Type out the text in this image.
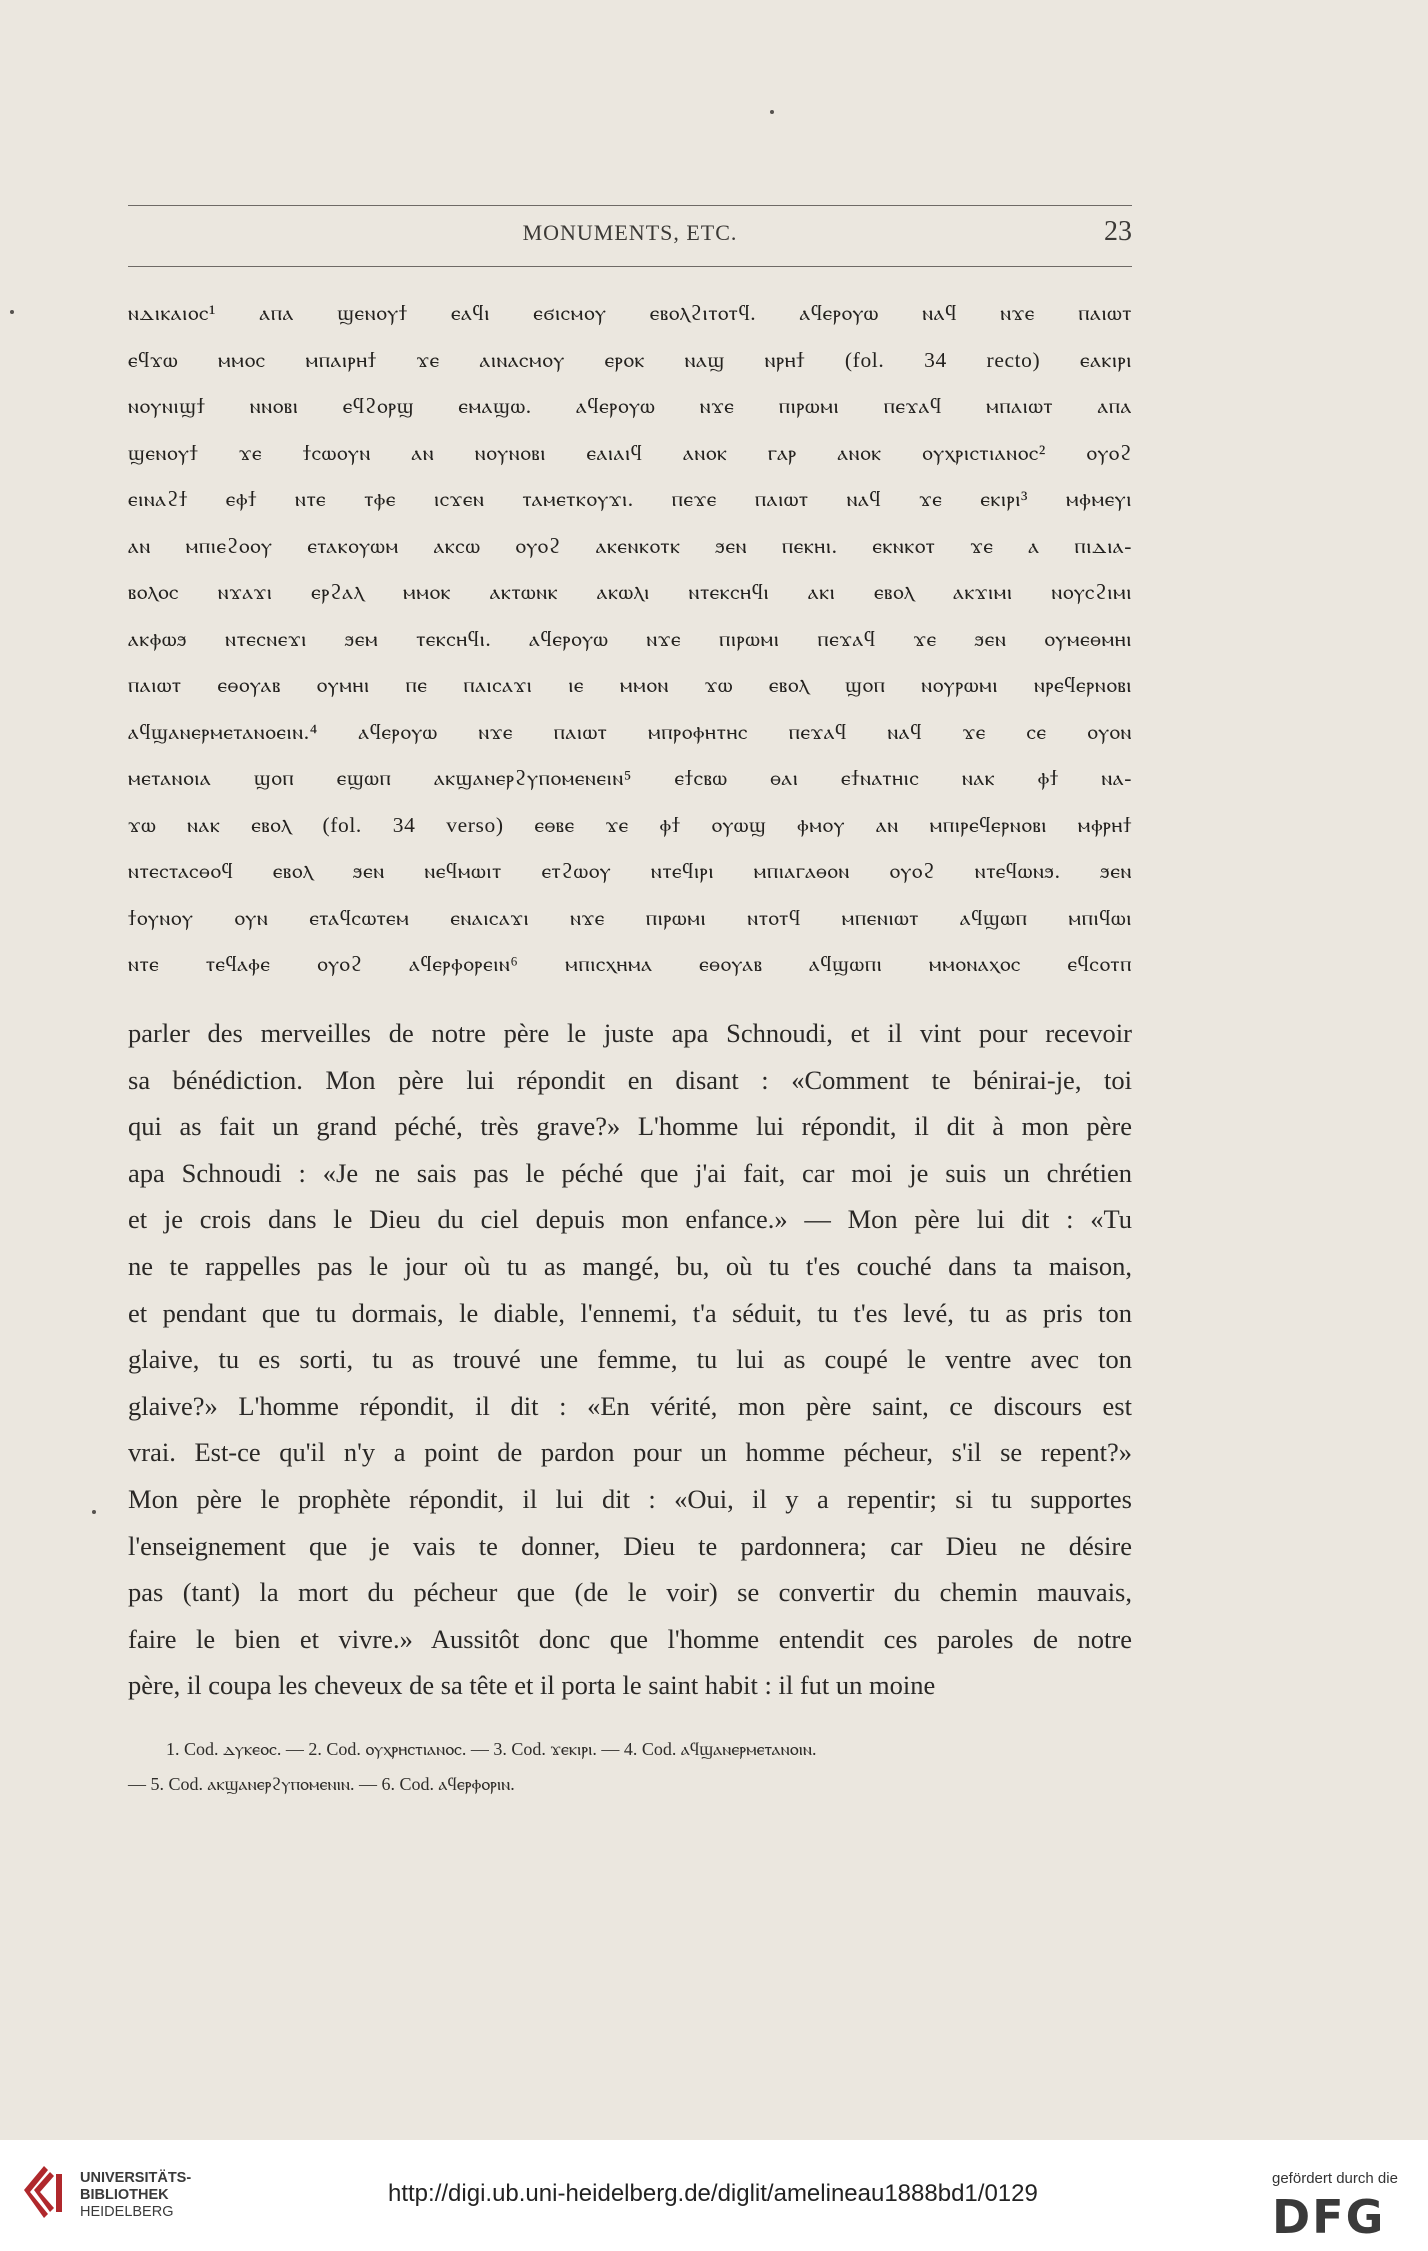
MONUMENTS, ETC.	23
ⲛⲇⲓⲕⲁⲓⲟⲥ¹ ⲁⲡⲁ ϣⲉⲛⲟⲩϯ ⲉⲁϥⲓ ⲉϭⲓⲥⲙⲟⲩ ⲉⲃⲟⲗϩⲓⲧⲟⲧϥ. ⲁϥⲉⲣⲟⲩⲱ ⲛⲁϥ ⲛϫⲉ ⲡⲁⲓⲱⲧ
ⲉϥϫⲱ ⲙⲙⲟⲥ ⲙⲡⲁⲓⲣⲏϯ ϫⲉ ⲁⲓⲛⲁⲥⲙⲟⲩ ⲉⲣⲟⲕ ⲛⲁϣ ⲛⲣⲏϯ (fol. 34 recto) ⲉⲁⲕⲓⲣⲓ
ⲛⲟⲩⲛⲓϣϯ ⲛⲛⲟⲃⲓ ⲉϥϩⲟⲣϣ ⲉⲙⲁϣⲱ. ⲁϥⲉⲣⲟⲩⲱ ⲛϫⲉ ⲡⲓⲣⲱⲙⲓ ⲡⲉϫⲁϥ ⲙⲡⲁⲓⲱⲧ ⲁⲡⲁ
ϣⲉⲛⲟⲩϯ ϫⲉ ϯⲥⲱⲟⲩⲛ ⲁⲛ ⲛⲟⲩⲛⲟⲃⲓ ⲉⲁⲓⲁⲓϥ ⲁⲛⲟⲕ ⲅⲁⲣ ⲁⲛⲟⲕ ⲟⲩⲭⲣⲓⲥⲧⲓⲁⲛⲟⲥ² ⲟⲩⲟϩ
ⲉⲓⲛⲁϩϯ ⲉⲫϯ ⲛⲧⲉ ⲧⲫⲉ ⲓⲥϫⲉⲛ ⲧⲁⲙⲉⲧⲕⲟⲩϫⲓ. ⲡⲉϫⲉ ⲡⲁⲓⲱⲧ ⲛⲁϥ ϫⲉ ⲉⲕⲓⲣⲓ³ ⲙⲫⲙⲉⲩⲓ
ⲁⲛ ⲙⲡⲓⲉϩⲟⲟⲩ ⲉⲧⲁⲕⲟⲩⲱⲙ ⲁⲕⲥⲱ ⲟⲩⲟϩ ⲁⲕⲉⲛⲕⲟⲧⲕ ϧⲉⲛ ⲡⲉⲕⲏⲓ. ⲉⲕⲛⲕⲟⲧ ϫⲉ ⲁ ⲡⲓⲇⲓⲁ-
ⲃⲟⲗⲟⲥ ⲛϫⲁϫⲓ ⲉⲣϩⲁⲗ ⲙⲙⲟⲕ ⲁⲕⲧⲱⲛⲕ ⲁⲕⲱⲗⲓ ⲛⲧⲉⲕⲥⲏϥⲓ ⲁⲕⲓ ⲉⲃⲟⲗ ⲁⲕϫⲓⲙⲓ ⲛⲟⲩⲥϩⲓⲙⲓ
ⲁⲕⲫⲱϧ ⲛⲧⲉⲥⲛⲉϫⲓ ϧⲉⲙ ⲧⲉⲕⲥⲏϥⲓ. ⲁϥⲉⲣⲟⲩⲱ ⲛϫⲉ ⲡⲓⲣⲱⲙⲓ ⲡⲉϫⲁϥ ϫⲉ ϧⲉⲛ ⲟⲩⲙⲉⲑⲙⲏⲓ
ⲡⲁⲓⲱⲧ ⲉⲑⲟⲩⲁⲃ ⲟⲩⲙⲏⲓ ⲡⲉ ⲡⲁⲓⲥⲁϫⲓ ⲓⲉ ⲙⲙⲟⲛ ϫⲱ ⲉⲃⲟⲗ ϣⲟⲡ ⲛⲟⲩⲣⲱⲙⲓ ⲛⲣⲉϥⲉⲣⲛⲟⲃⲓ
ⲁϥϣⲁⲛⲉⲣⲙⲉⲧⲁⲛⲟⲉⲓⲛ.⁴ ⲁϥⲉⲣⲟⲩⲱ ⲛϫⲉ ⲡⲁⲓⲱⲧ ⲙⲡⲣⲟⲫⲏⲧⲏⲥ ⲡⲉϫⲁϥ ⲛⲁϥ ϫⲉ ⲥⲉ ⲟⲩⲟⲛ
ⲙⲉⲧⲁⲛⲟⲓⲁ ϣⲟⲡ ⲉϣⲱⲡ ⲁⲕϣⲁⲛⲉⲣϩⲩⲡⲟⲙⲉⲛⲉⲓⲛ⁵ ⲉϯⲥⲃⲱ ⲑⲁⲓ ⲉϯⲛⲁⲧⲏⲓⲥ ⲛⲁⲕ ⲫϯ ⲛⲁ-
ϫⲱ ⲛⲁⲕ ⲉⲃⲟⲗ (fol. 34 verso) ⲉⲑⲃⲉ ϫⲉ ⲫϯ ⲟⲩⲱϣ ⲫⲙⲟⲩ ⲁⲛ ⲙⲡⲓⲣⲉϥⲉⲣⲛⲟⲃⲓ ⲙⲫⲣⲏϯ
ⲛⲧⲉⲥⲧⲁⲥⲑⲟϥ ⲉⲃⲟⲗ ϧⲉⲛ ⲛⲉϥⲙⲱⲓⲧ ⲉⲧϩⲱⲟⲩ ⲛⲧⲉϥⲓⲣⲓ ⲙⲡⲓⲁⲅⲁⲑⲟⲛ ⲟⲩⲟϩ ⲛⲧⲉϥⲱⲛϧ. ϧⲉⲛ
ϯⲟⲩⲛⲟⲩ ⲟⲩⲛ ⲉⲧⲁϥⲥⲱⲧⲉⲙ ⲉⲛⲁⲓⲥⲁϫⲓ ⲛϫⲉ ⲡⲓⲣⲱⲙⲓ ⲛⲧⲟⲧϥ ⲙⲡⲉⲛⲓⲱⲧ ⲁϥϣⲱⲡ ⲙⲡⲓϥⲱⲓ
ⲛⲧⲉ ⲧⲉϥⲁⲫⲉ ⲟⲩⲟϩ ⲁϥⲉⲣⲫⲟⲣⲉⲓⲛ⁶ ⲙⲡⲓⲥⲭⲏⲙⲁ ⲉⲑⲟⲩⲁⲃ ⲁϥϣⲱⲡⲓ ⲙⲙⲟⲛⲁⲭⲟⲥ ⲉϥⲥⲟⲧⲡ
parler des merveilles de notre père le juste apa Schnoudi, et il vint pour recevoir
sa bénédiction. Mon père lui répondit en disant : «Comment te bénirai-je, toi
qui as fait un grand péché, très grave?» L'homme lui répondit, il dit à mon père
apa Schnoudi : «Je ne sais pas le péché que j'ai fait, car moi je suis un chrétien
et je crois dans le Dieu du ciel depuis mon enfance.» — Mon père lui dit : «Tu
ne te rappelles pas le jour où tu as mangé, bu, où tu t'es couché dans ta maison,
et pendant que tu dormais, le diable, l'ennemi, t'a séduit, tu t'es levé, tu as pris ton
glaive, tu es sorti, tu as trouvé une femme, tu lui as coupé le ventre avec ton
glaive?» L'homme répondit, il dit : «En vérité, mon père saint, ce discours est
vrai. Est-ce qu'il n'y a point de pardon pour un homme pécheur, s'il se repent?»
Mon père le prophète répondit, il lui dit : «Oui, il y a repentir; si tu supportes
l'enseignement que je vais te donner, Dieu te pardonnera; car Dieu ne désire
pas (tant) la mort du pécheur que (de le voir) se convertir du chemin mauvais,
faire le bien et vivre.» Aussitôt donc que l'homme entendit ces paroles de notre
père, il coupa les cheveux de sa tête et il porta le saint habit : il fut un moine
1. Cod. ⲇⲩⲕⲉⲟⲥ. — 2. Cod. ⲟⲩⲭⲣⲏⲥⲧⲓⲁⲛⲟⲥ. — 3. Cod. ϫⲉⲕⲓⲣⲓ. — 4. Cod. ⲁϥϣⲁⲛⲉⲣⲙⲉⲧⲁⲛⲟⲓⲛ.
— 5. Cod. ⲁⲕϣⲁⲛⲉⲣϩⲩⲡⲟⲙⲉⲛⲓⲛ. — 6. Cod. ⲁϥⲉⲣⲫⲟⲣⲓⲛ.
UNIVERSITÄTS-
BIBLIOTHEK
HEIDELBERG
http://digi.ub.uni-heidelberg.de/diglit/amelineau1888bd1/0129
gefördert durch die
DFG
